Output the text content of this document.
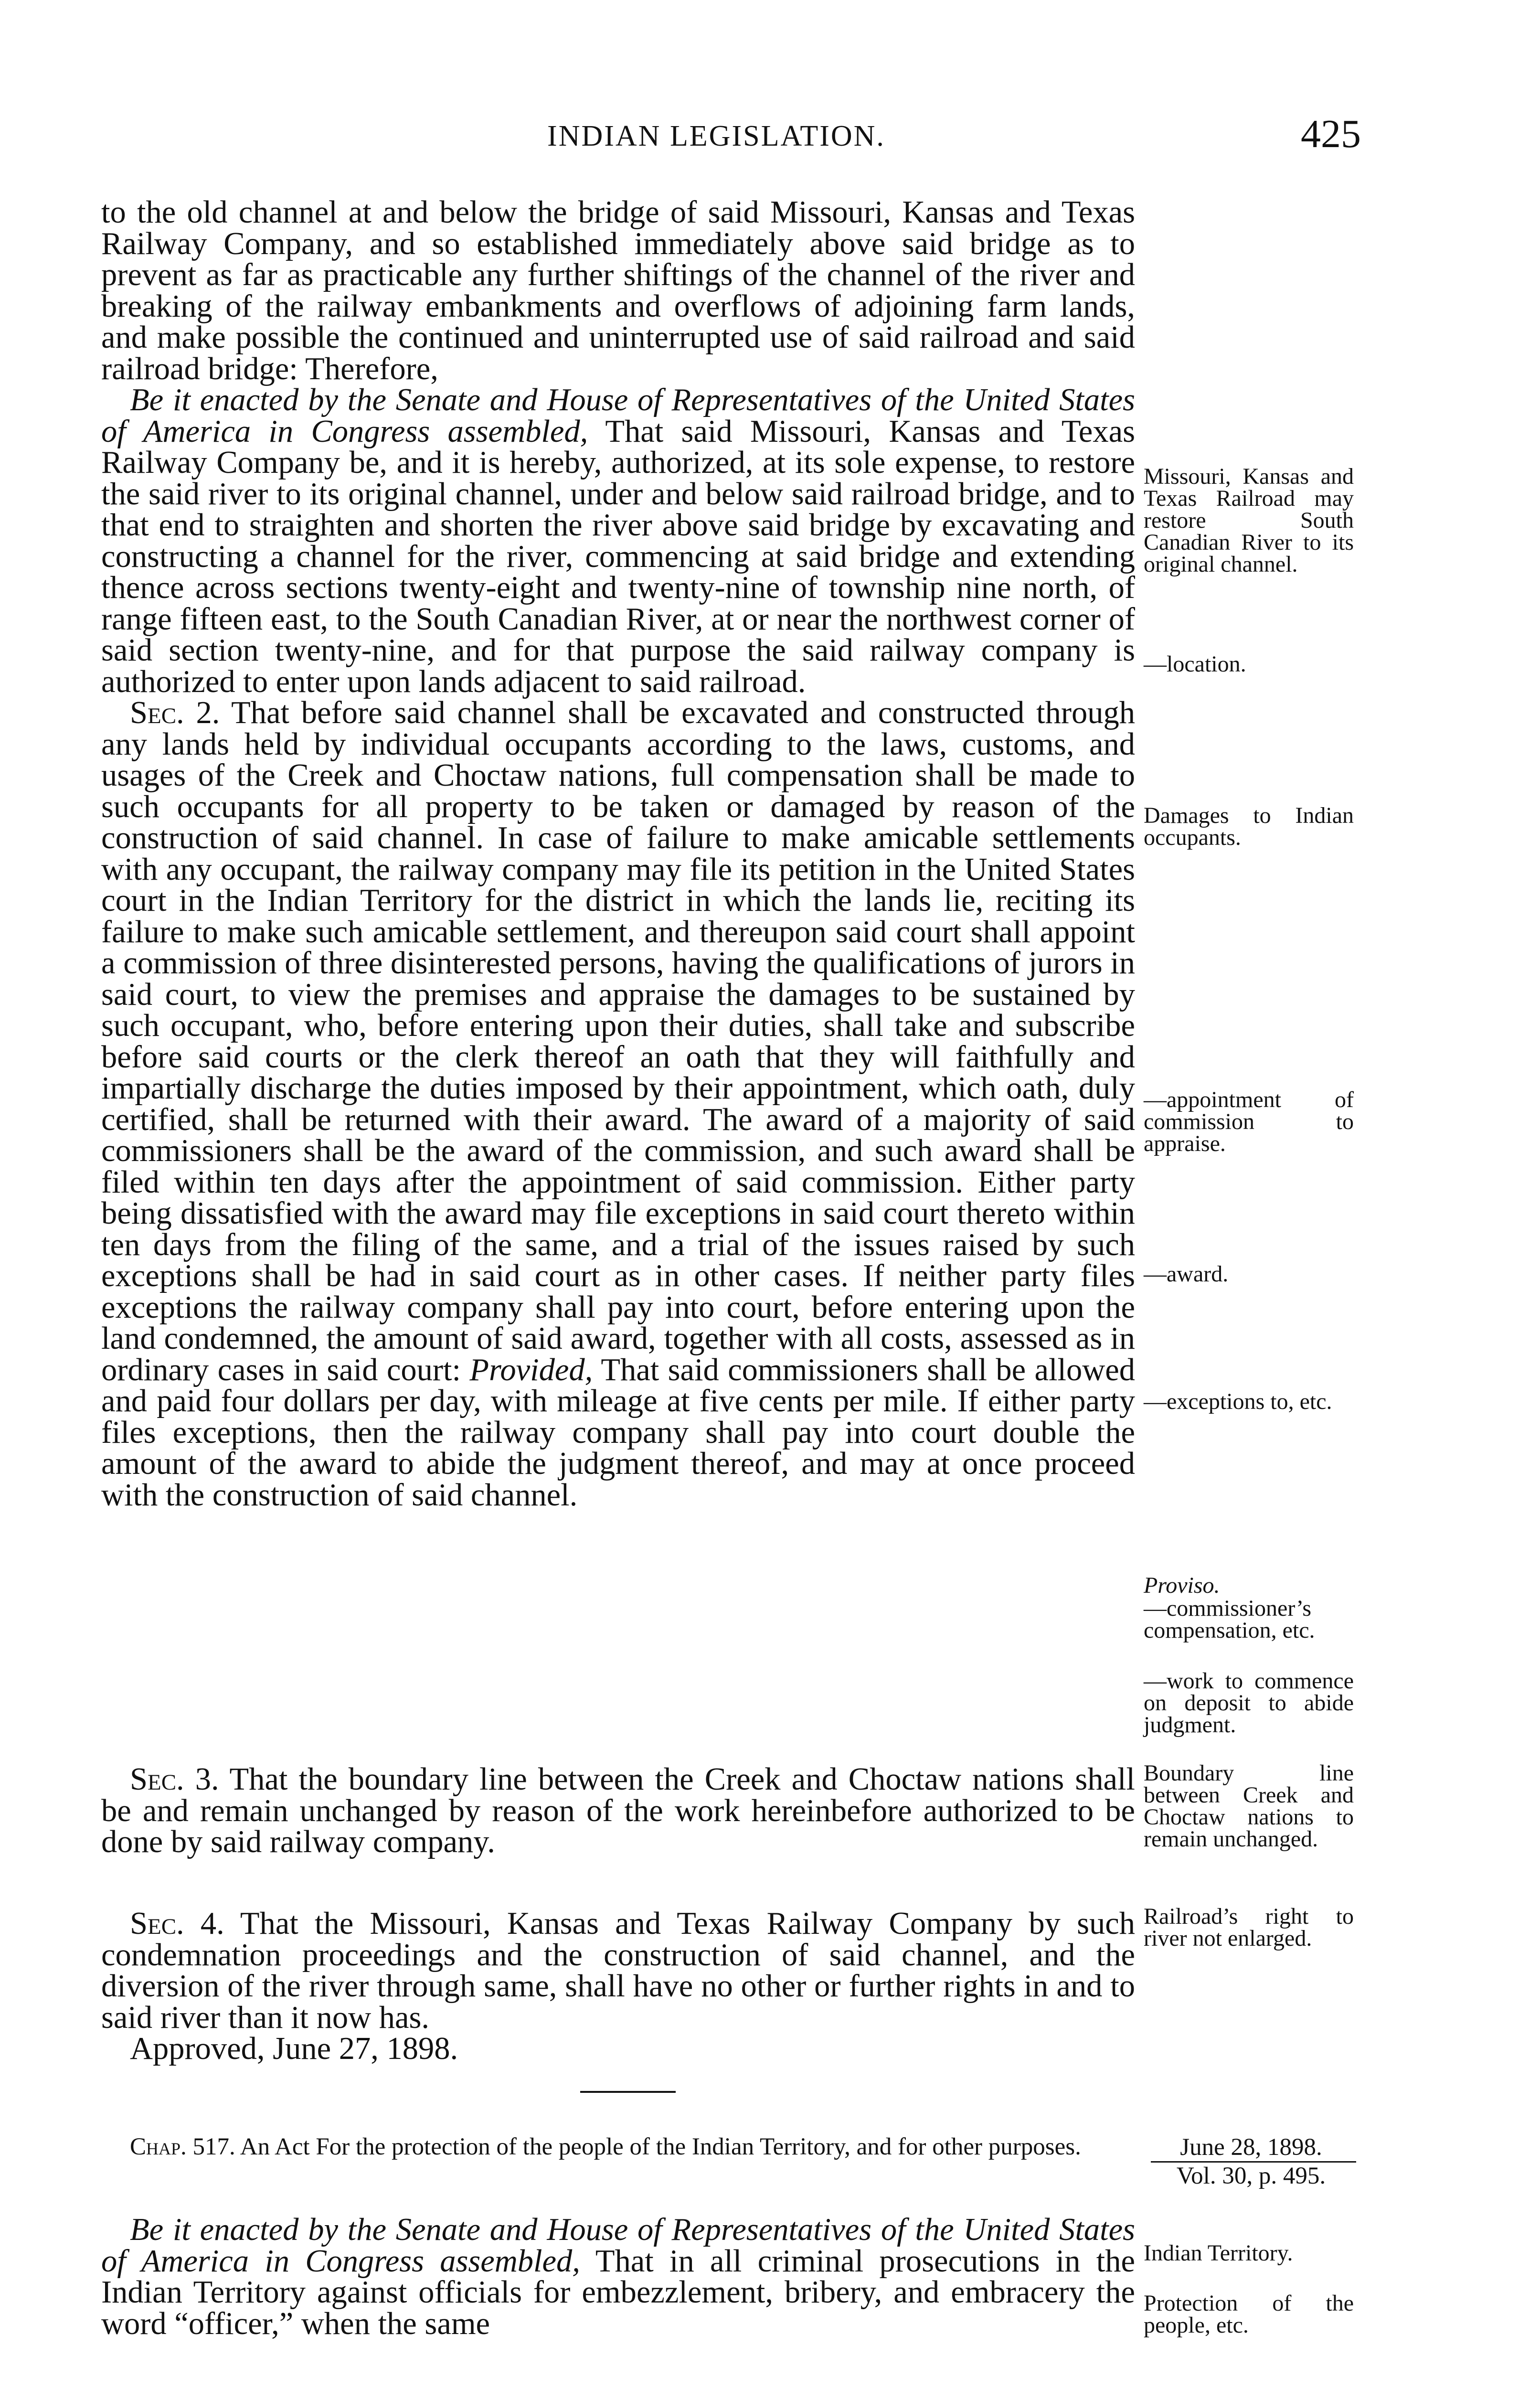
INDIAN LEGISLATION.	425

to the old channel at and below the bridge of said Missouri, Kansas and Texas Railway Company, and so established immediately above said bridge as to prevent as far as practicable any further shiftings of the channel of the river and breaking of the railway embankments and overflows of adjoining farm lands, and make possible the continued and uninterrupted use of said railroad and said railroad bridge: Therefore,

Be it enacted by the Senate and House of Representatives of the United States of America in Congress assembled, That said Missouri, Kansas and Texas Railway Company be, and it is hereby, authorized, at its sole expense, to restore the said river to its original channel, under and below said railroad bridge, and to that end to straighten and shorten the river above said bridge by excavating and constructing a channel for the river, commencing at said bridge and extending thence across sections twenty-eight and twenty-nine of township nine north, of range fifteen east, to the South Canadian River, at or near the northwest corner of said section twenty-nine, and for that purpose the said railway company is authorized to enter upon lands adjacent to said railroad.

Sec. 2. That before said channel shall be excavated and constructed through any lands held by individual occupants according to the laws, customs, and usages of the Creek and Choctaw nations, full compensation shall be made to such occupants for all property to be taken or damaged by reason of the construction of said channel. In case of failure to make amicable settlements with any occupant, the railway company may file its petition in the United States court in the Indian Territory for the district in which the lands lie, reciting its failure to make such amicable settlement, and thereupon said court shall appoint a commission of three disinterested persons, having the qualifications of jurors in said court, to view the premises and appraise the damages to be sustained by such occupant, who, before entering upon their duties, shall take and subscribe before said courts or the clerk thereof an oath that they will faithfully and impartially discharge the duties imposed by their appointment, which oath, duly certified, shall be returned with their award. The award of a majority of said commissioners shall be the award of the commission, and such award shall be filed within ten days after the appointment of said commission. Either party being dissatisfied with the award may file exceptions in said court thereto within ten days from the filing of the same, and a trial of the issues raised by such exceptions shall be had in said court as in other cases. If neither party files exceptions the railway company shall pay into court, before entering upon the land condemned, the amount of said award, together with all costs, assessed as in ordinary cases in said court: Provided, That said commissioners shall be allowed and paid four dollars per day, with mileage at five cents per mile. If either party files exceptions, then the railway company shall pay into court double the amount of the award to abide the judgment thereof, and may at once proceed with the construction of said channel.

Sec. 3. That the boundary line between the Creek and Choctaw nations shall be and remain unchanged by reason of the work hereinbefore authorized to be done by said railway company.

Sec. 4. That the Missouri, Kansas and Texas Railway Company by such condemnation proceedings and the construction of said channel, and the diversion of the river through same, shall have no other or further rights in and to said river than it now has.

Approved, June 27, 1898.

Chap. 517. An Act For the protection of the people of the Indian Territory, and for other purposes.	June 28, 1898.
Vol. 30, p. 495.

Be it enacted by the Senate and House of Representatives of the United States of America in Congress assembled, That in all criminal prosecutions in the Indian Territory against officials for embezzlement, bribery, and embracery the word “officer,” when the same

Missouri, Kansas and Texas Railroad may restore South Canadian River to its original channel.
—location.
Damages to Indian occupants.
—appointment of commission to appraise.
—award.
—exceptions to, etc.
Proviso.
—commissioner’s compensation, etc.
—work to commence on deposit to abide judgment.
Boundary line between Creek and Choctaw nations to remain unchanged.
Railroad’s right to river not enlarged.
Indian Territory.
Protection of the people, etc.
